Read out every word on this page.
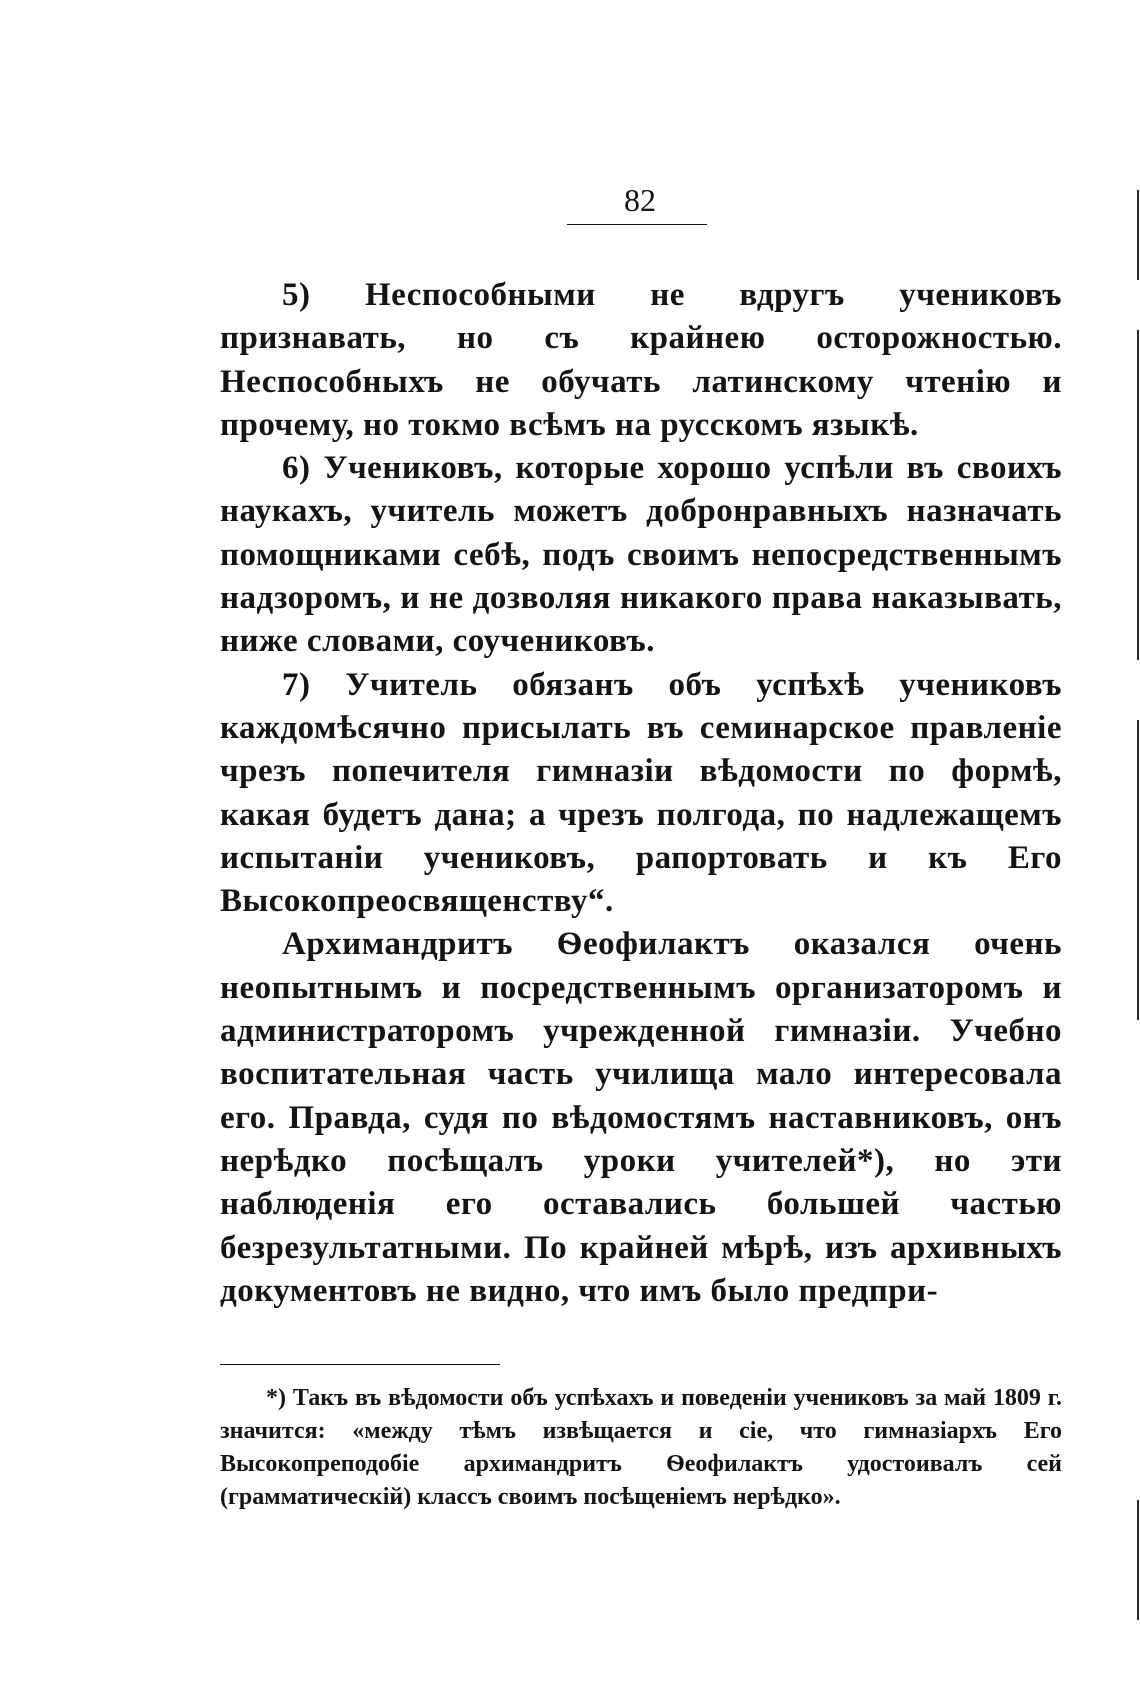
82

5) Неспособными не вдругъ учениковъ признавать, но съ крайнею осторожностью. Неспособныхъ не обучать латинскому чтенію и прочему, но токмо всѣмъ на русскомъ языкѣ.

6) Учениковъ, которые хорошо успѣли въ своихъ наукахъ, учитель можетъ добронравныхъ назначать помощниками себѣ, подъ своимъ непосредственнымъ надзоромъ, и не дозволяя никакого права наказывать, ниже словами, соучениковъ.

7) Учитель обязанъ объ успѣхѣ учениковъ каждомѣсячно присылать въ семинарское правленіе чрезъ попечителя гимназіи вѣдомости по формѣ, какая будетъ дана; а чрезъ полгода, по надлежащемъ испытаніи учениковъ, рапортовать и къ Его Высокопреосвященству“.

Архимандритъ Ѳеофилактъ оказался очень неопытнымъ и посредственнымъ организаторомъ и администраторомъ учрежденной гимназіи. Учебно воспитательная часть училища мало интересовала его. Правда, судя по вѣдомостямъ наставниковъ, онъ нерѣдко посѣщалъ уроки учителей*), но эти наблюденія его оставались большей частью безрезультатными. По крайней мѣрѣ, изъ архивныхъ документовъ не видно, что имъ было предпри-

*) Такъ въ вѣдомости объ успѣхахъ и поведеніи учениковъ за май 1809 г. значится: «между тѣмъ извѣщается и сіе, что гимназіархъ Его Высокопреподобіе архимандритъ Ѳеофилактъ удостоивалъ сей (грамматическій) классъ своимъ посѣщеніемъ нерѣдко».
